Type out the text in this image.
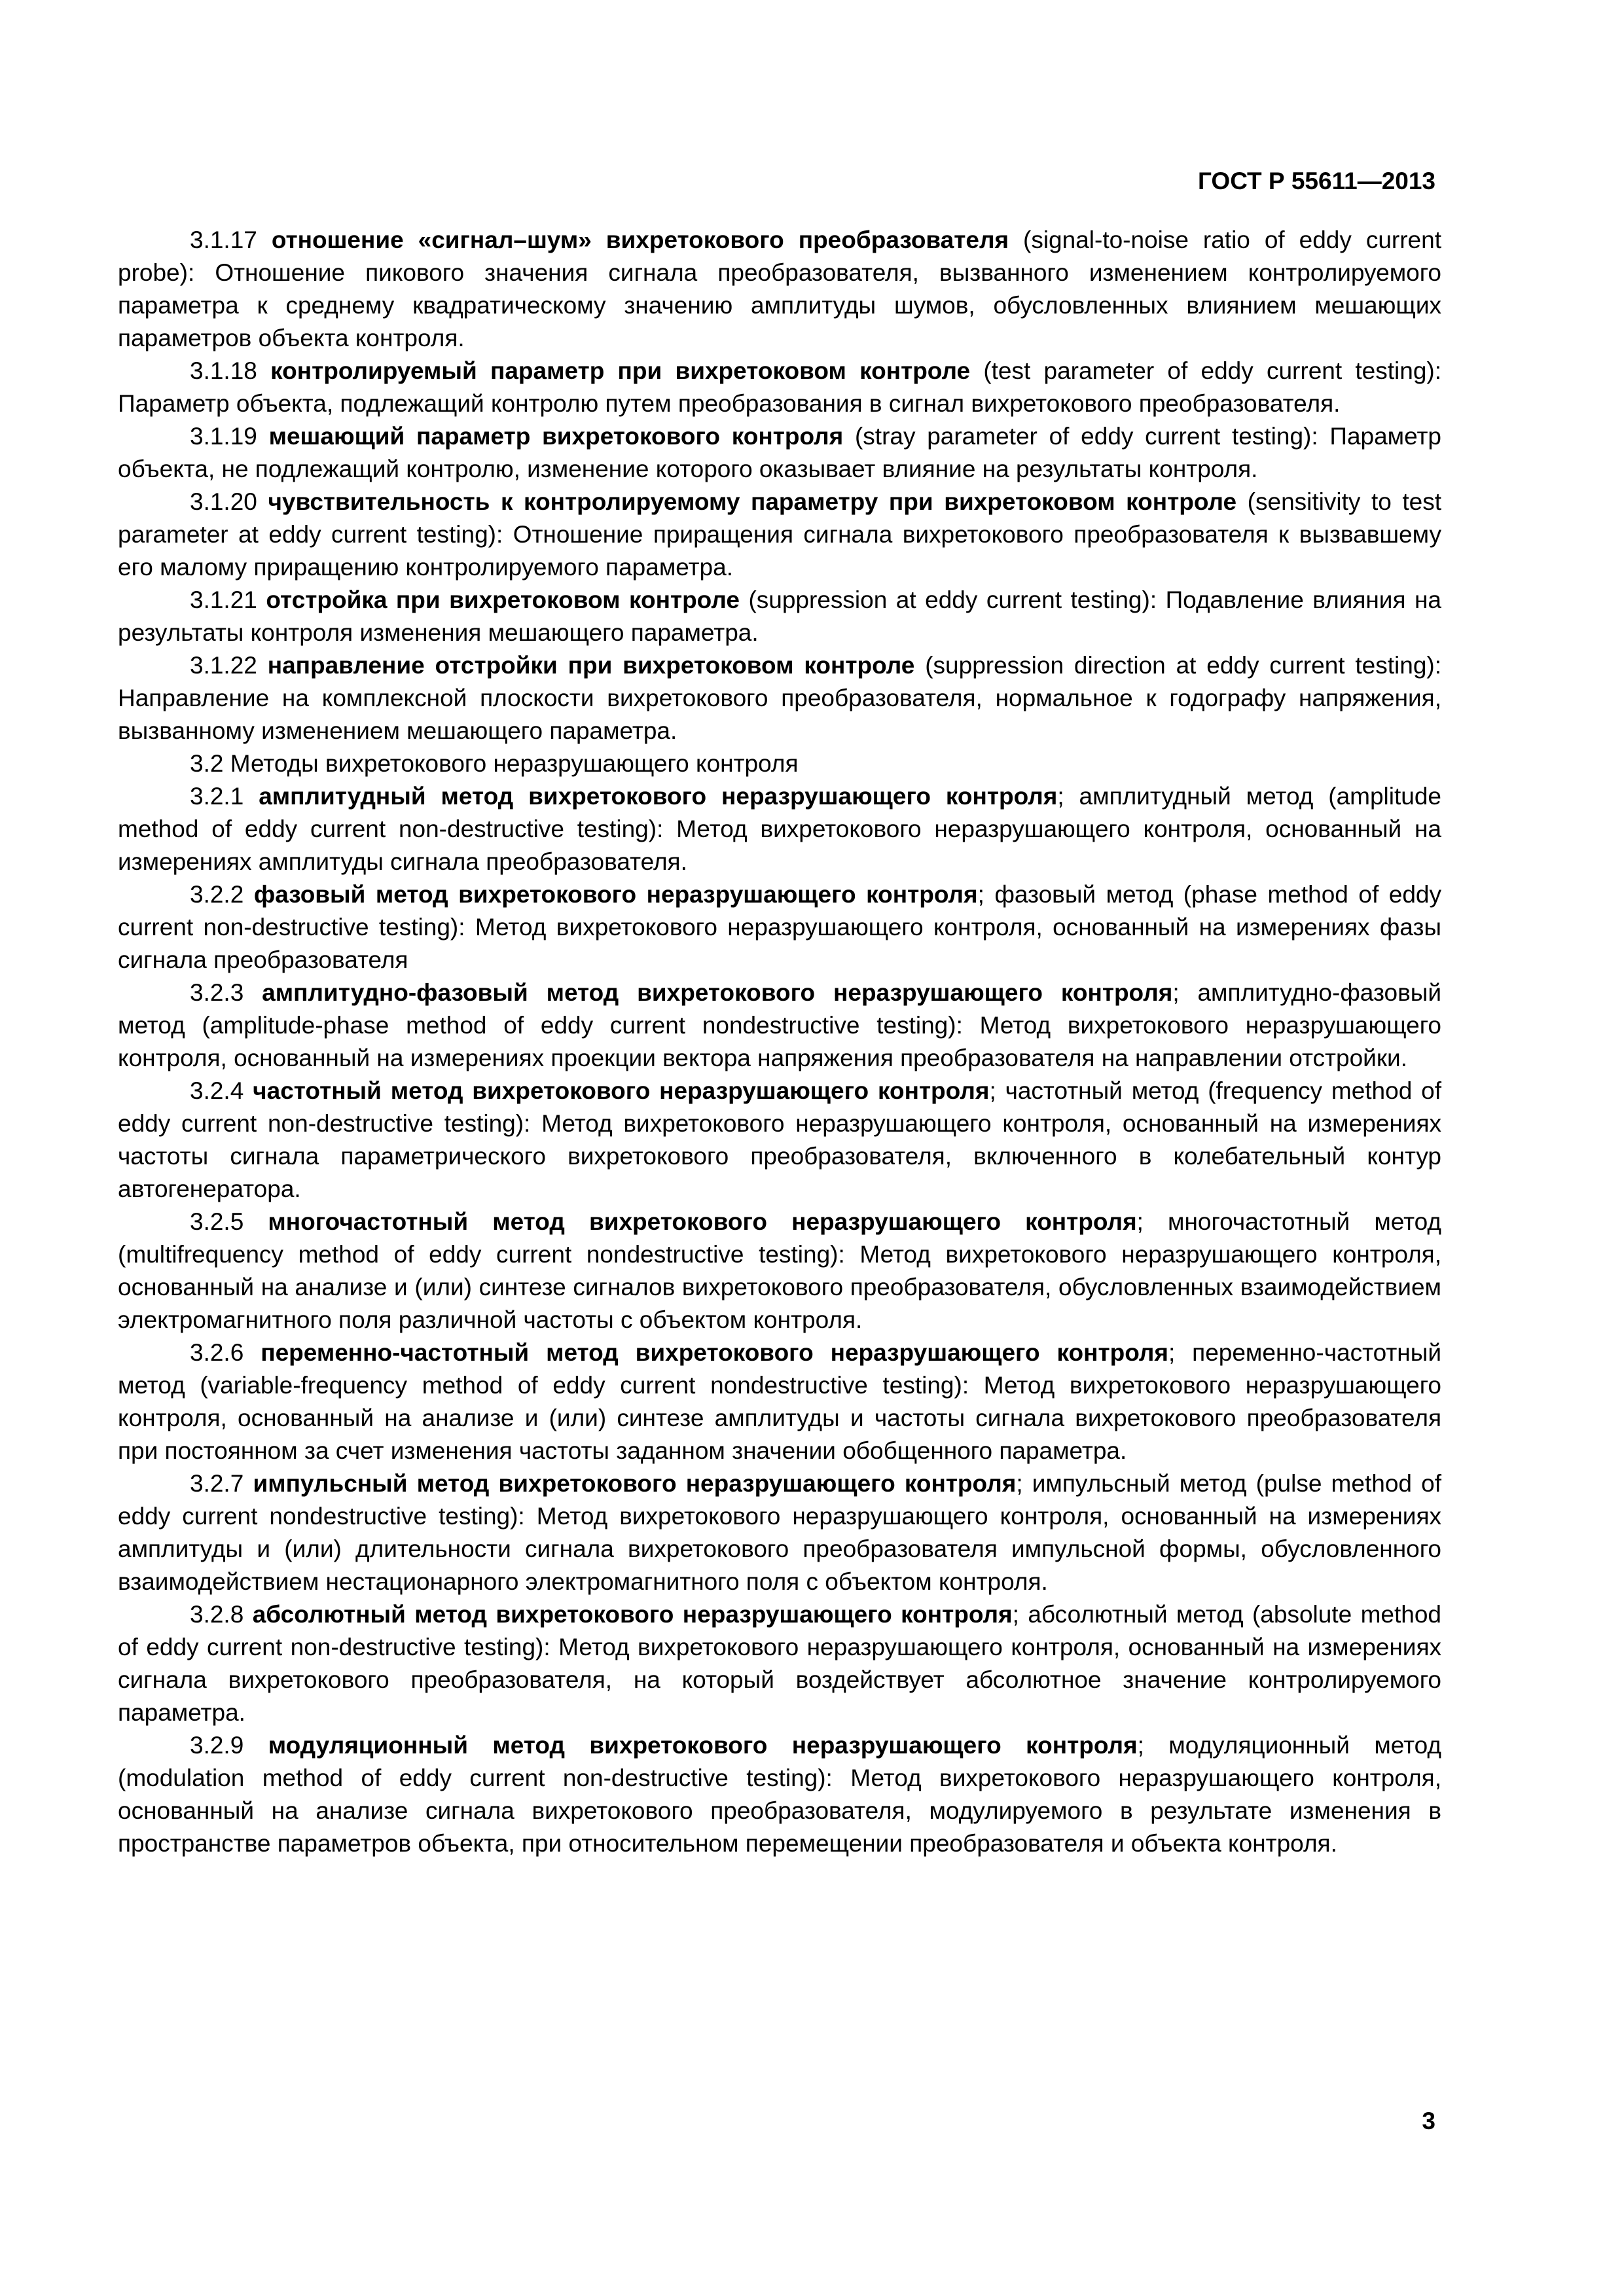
ГОСТ Р 55611—2013

3.1.17 отношение «сигнал–шум» вихретокового преобразователя (signal-to-noise ratio of eddy current probe): Отношение пикового значения сигнала преобразователя, вызванного изменением контролируемого параметра к среднему квадратическому значению амплитуды шумов, обусловленных влиянием мешающих параметров объекта контроля.

3.1.18 контролируемый параметр при вихретоковом контроле (test parameter of eddy current testing): Параметр объекта, подлежащий контролю путем преобразования в сигнал вихретокового преобразователя.

3.1.19 мешающий параметр вихретокового контроля (stray parameter of eddy current testing): Параметр объекта, не подлежащий контролю, изменение которого оказывает влияние на результаты контроля.

3.1.20 чувствительность к контролируемому параметру при вихретоковом контроле (sensitivity to test parameter at eddy current testing): Отношение приращения сигнала вихретокового преобразователя к вызвавшему его малому приращению контролируемого параметра.

3.1.21 отстройка при вихретоковом контроле (suppression at eddy current testing): Подавление влияния на результаты контроля изменения мешающего параметра.

3.1.22 направление отстройки при вихретоковом контроле (suppression direction at eddy current testing): Направление на комплексной плоскости вихретокового преобразователя, нормальное к годографу напряжения, вызванному изменением мешающего параметра.

3.2 Методы вихретокового неразрушающего контроля

3.2.1 амплитудный метод вихретокового неразрушающего контроля; амплитудный метод (amplitude method of eddy current non-destructive testing): Метод вихретокового неразрушающего контроля, основанный на измерениях амплитуды сигнала преобразователя.

3.2.2 фазовый метод вихретокового неразрушающего контроля; фазовый метод (phase method of eddy current non-destructive testing): Метод вихретокового неразрушающего контроля, основанный на измерениях фазы сигнала преобразователя

3.2.3 амплитудно-фазовый метод вихретокового неразрушающего контроля; амплитудно-фазовый метод (amplitude-phase method of eddy current nondestructive testing): Метод вихретокового неразрушающего контроля, основанный на измерениях проекции вектора напряжения преобразователя на направлении отстройки.

3.2.4 частотный метод вихретокового неразрушающего контроля; частотный метод (frequency method of eddy current non-destructive testing): Метод вихретокового неразрушающего контроля, основанный на измерениях частоты сигнала параметрического вихретокового преобразователя, включенного в колебательный контур автогенератора.

3.2.5 многочастотный метод вихретокового неразрушающего контроля; многочастотный метод (multifrequency method of eddy current nondestructive testing): Метод вихретокового неразрушающего контроля, основанный на анализе и (или) синтезе сигналов вихретокового преобразователя, обусловленных взаимодействием электромагнитного поля различной частоты с объектом контроля.

3.2.6 переменно-частотный метод вихретокового неразрушающего контроля; переменно-частотный метод (variable-frequency method of eddy current nondestructive testing): Метод вихретокового неразрушающего контроля, основанный на анализе и (или) синтезе амплитуды и частоты сигнала вихретокового преобразователя при постоянном за счет изменения частоты заданном значении обобщенного параметра.

3.2.7 импульсный метод вихретокового неразрушающего контроля; импульсный метод (pulse method of eddy current nondestructive testing): Метод вихретокового неразрушающего контроля, основанный на измерениях амплитуды и (или) длительности сигнала вихретокового преобразователя импульсной формы, обусловленного взаимодействием нестационарного электромагнитного поля с объектом контроля.

3.2.8 абсолютный метод вихретокового неразрушающего контроля; абсолютный метод (absolute method of eddy current non-destructive testing): Метод вихретокового неразрушающего контроля, основанный на измерениях сигнала вихретокового преобразователя, на который воздействует абсолютное значение контролируемого параметра.

3.2.9 модуляционный метод вихретокового неразрушающего контроля; модуляционный метод (modulation method of eddy current non-destructive testing): Метод вихретокового неразрушающего контроля, основанный на анализе сигнала вихретокового преобразователя, модулируемого в результате изменения в пространстве параметров объекта, при относительном перемещении преобразователя и объекта контроля.

3
